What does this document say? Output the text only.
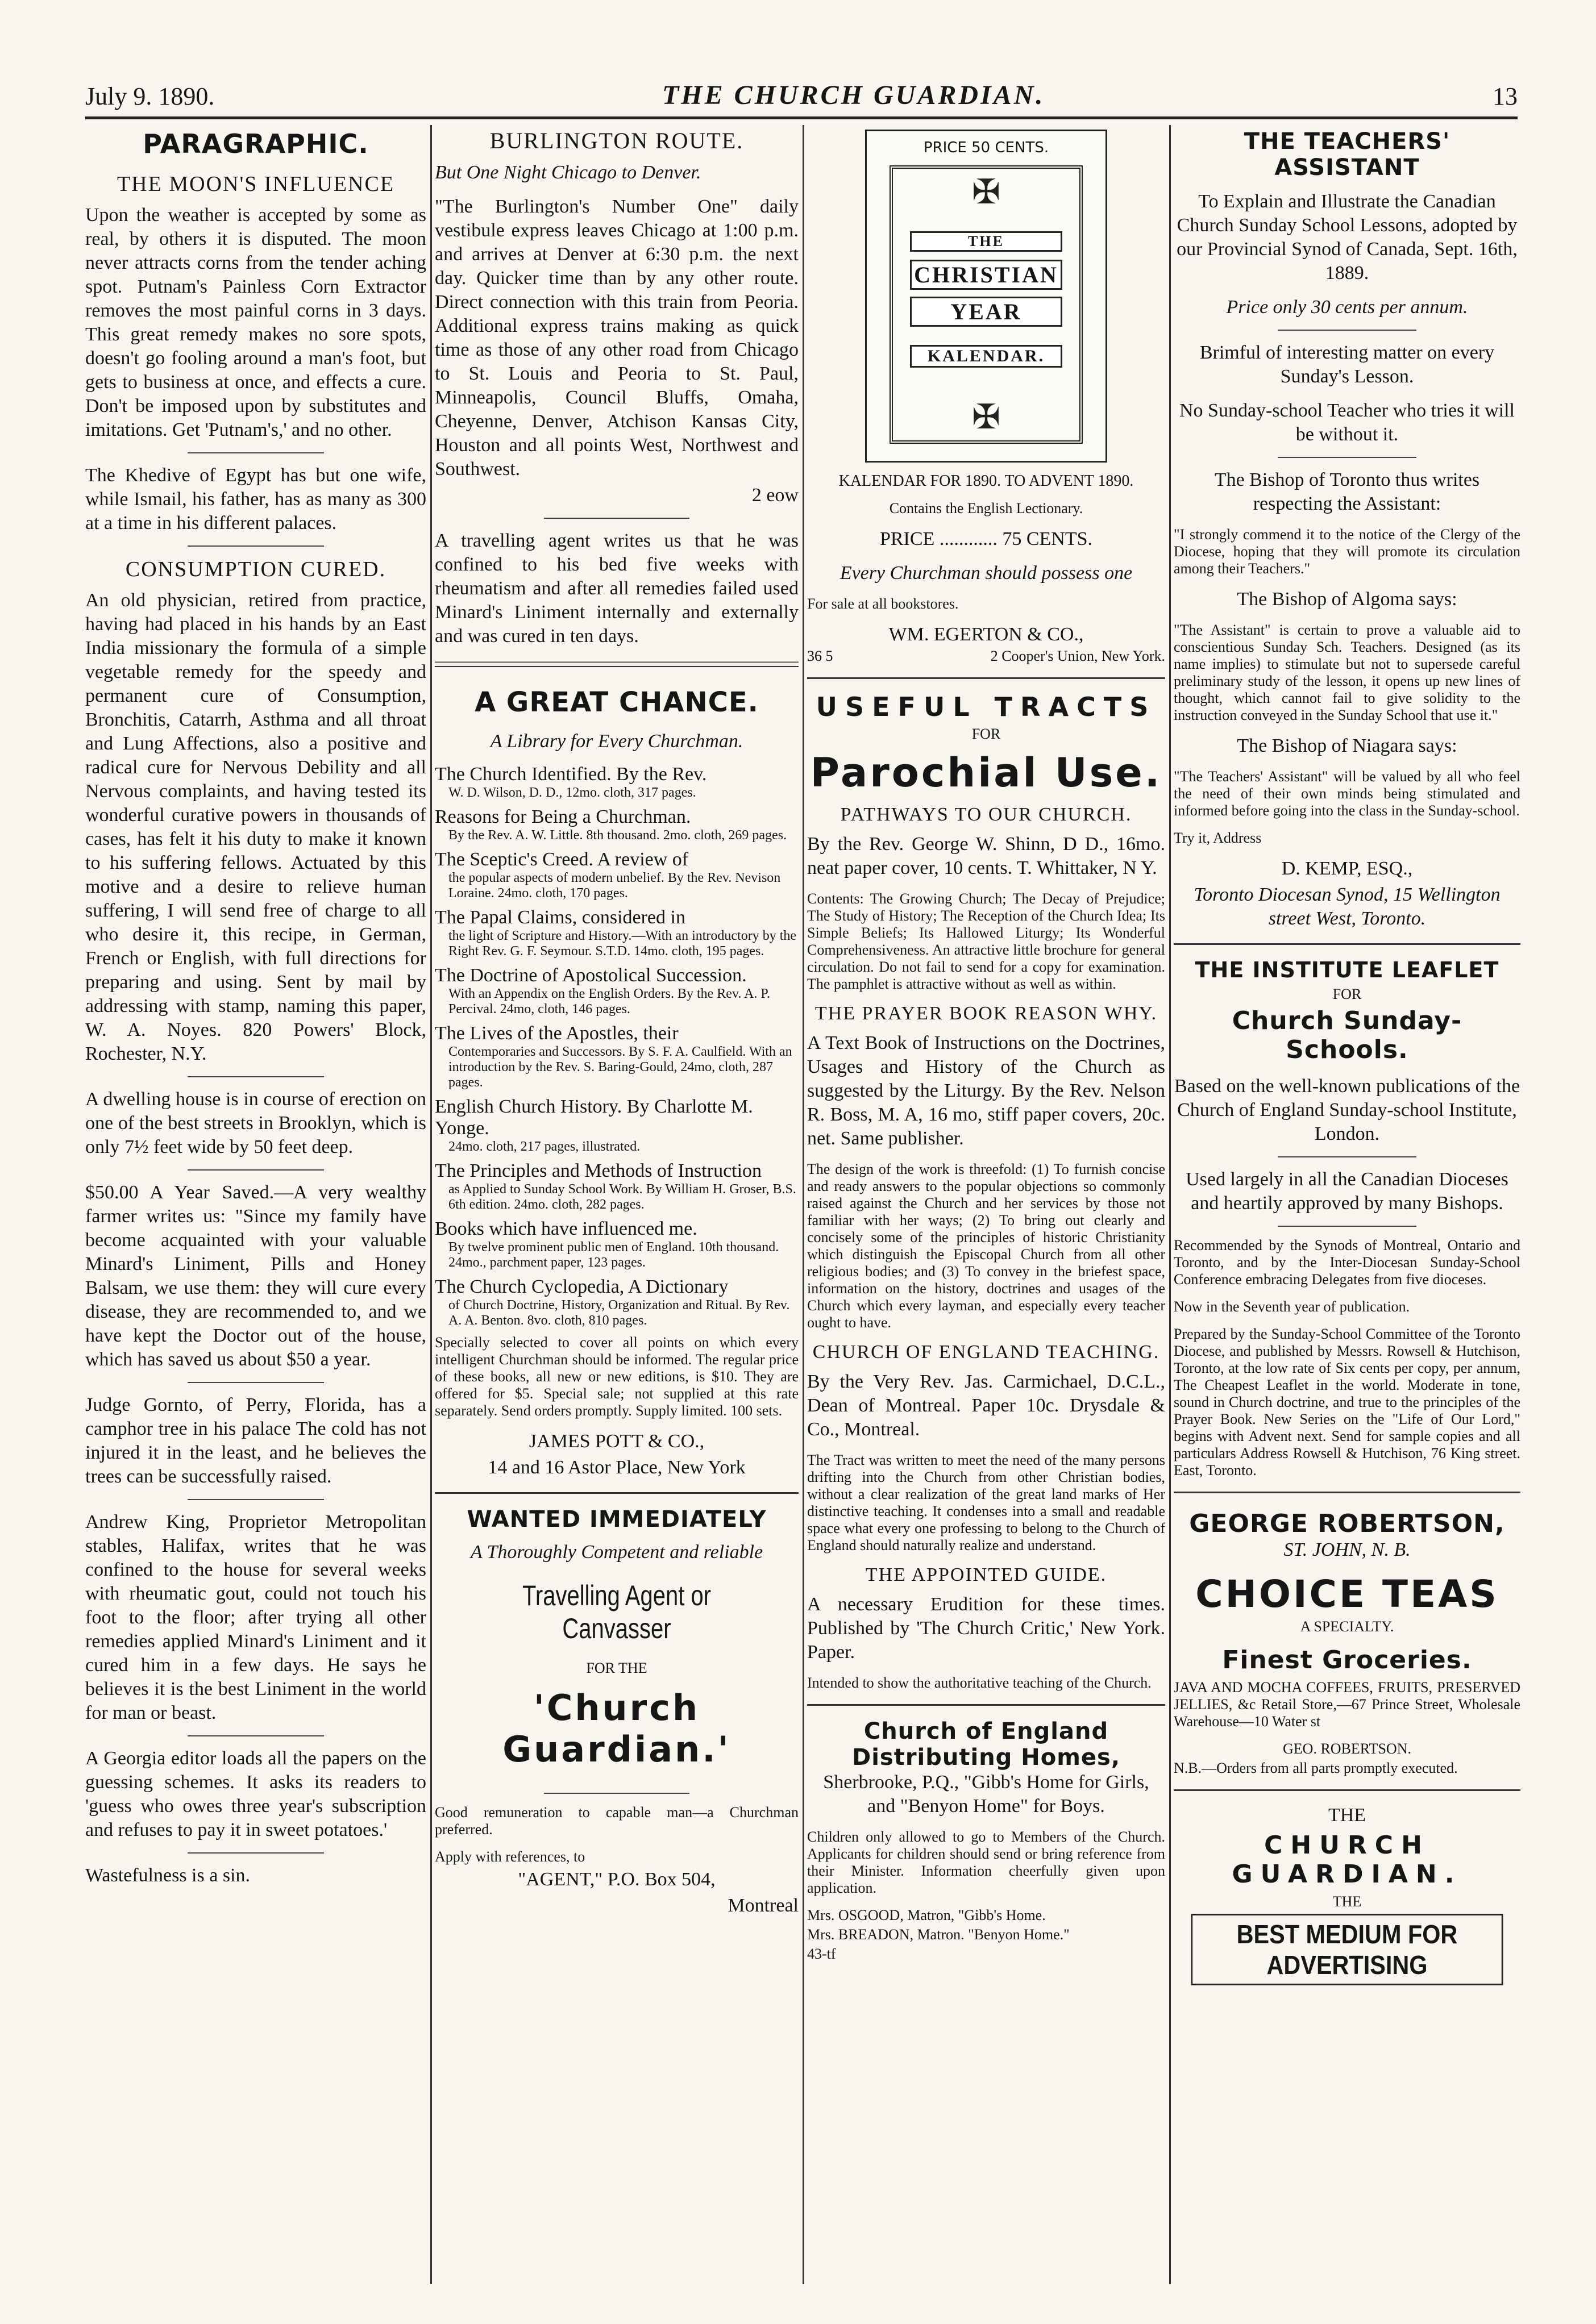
July 9. 1890.	THE CHURCH GUARDIAN.	13
PARAGRAPHIC.
THE MOON'S INFLUENCE

Upon the weather is accepted by some as real, by others it is disputed. The moon never attracts corns from the tender aching spot. Putnam's Painless Corn Extractor removes the most painful corns in 3 days. This great remedy makes no sore spots, doesn't go fooling around a man's foot, but gets to business at once, and effects a cure. Don't be imposed upon by substitutes and imitations. Get 'Putnam's,' and no other.

The Khedive of Egypt has but one wife, while Ismail, his father, has as many as 300 at a time in his different palaces.

CONSUMPTION CURED.

An old physician, retired from practice, having had placed in his hands by an East India missionary the formula of a simple vegetable remedy for the speedy and permanent cure of Consumption, Bronchitis, Catarrh, Asthma and all throat and Lung Affections, also a positive and radical cure for Nervous Debility and all Nervous complaints, and having tested its wonderful curative powers in thousands of cases, has felt it his duty to make it known to his suffering fellows. Actuated by this motive and a desire to relieve human suffering, I will send free of charge to all who desire it, this recipe, in German, French or English, with full directions for preparing and using. Sent by mail by addressing with stamp, naming this paper, W. A. Noyes. 820 Powers' Block, Rochester, N.Y.

A dwelling house is in course of erection on one of the best streets in Brooklyn, which is only 7½ feet wide by 50 feet deep.

$50.00 A Year Saved.—A very wealthy farmer writes us: "Since my family have become acquainted with your valuable Minard's Liniment, Pills and Honey Balsam, we use them: they will cure every disease, they are recommended to, and we have kept the Doctor out of the house, which has saved us about $50 a year.

Judge Gornto, of Perry, Florida, has a camphor tree in his palace The cold has not injured it in the least, and he believes the trees can be successfully raised.

Andrew King, Proprietor Metropolitan stables, Halifax, writes that he was confined to the house for several weeks with rheumatic gout, could not touch his foot to the floor; after trying all other remedies applied Minard's Liniment and it cured him in a few days. He says he believes it is the best Liniment in the world for man or beast.

A Georgia editor loads all the papers on the guessing schemes. It asks its readers to 'guess who owes three year's subscription and refuses to pay it in sweet potatoes.'

Wastefulness is a sin.

BURLINGTON ROUTE.

But One Night Chicago to Denver.

"The Burlington's Number One" daily vestibule express leaves Chicago at 1:00 p.m. and arrives at Denver at 6:30 p.m. the next day. Quicker time than by any other route. Direct connection with this train from Peoria. Additional express trains making as quick time as those of any other road from Chicago to St. Louis and Peoria to St. Paul, Minneapolis, Council Bluffs, Omaha, Cheyenne, Denver, Atchison Kansas City, Houston and all points West, Northwest and Southwest.

2 eow

A travelling agent writes us that he was confined to his bed five weeks with rheumatism and after all remedies failed used Minard's Liniment internally and externally and was cured in ten days.

A GREAT CHANCE.

A Library for Every Churchman.

The Church Identified. By the Rev.
W. D. Wilson, D. D., 12mo. cloth, 317 pages.
Reasons for Being a Churchman.
By the Rev. A. W. Little. 8th thousand. 2mo. cloth, 269 pages.
The Sceptic's Creed. A review of
the popular aspects of modern unbelief. By the Rev. Nevison Loraine. 24mo. cloth, 170 pages.
The Papal Claims, considered in
the light of Scripture and History.—With an introductory by the Right Rev. G. F. Seymour. S.T.D. 14mo. cloth, 195 pages.
The Doctrine of Apostolical Succession.
With an Appendix on the English Orders. By the Rev. A. P. Percival. 24mo, cloth, 146 pages.
The Lives of the Apostles, their
Contemporaries and Successors. By S. F. A. Caulfield. With an introduction by the Rev. S. Baring-Gould, 24mo, cloth, 287 pages.
English Church History. By Charlotte M. Yonge.
24mo. cloth, 217 pages, illustrated.
The Principles and Methods of Instruction
as Applied to Sunday School Work. By William H. Groser, B.S. 6th edition. 24mo. cloth, 282 pages.
Books which have influenced me.
By twelve prominent public men of England. 10th thousand. 24mo., parchment paper, 123 pages.
The Church Cyclopedia, A Dictionary
of Church Doctrine, History, Organization and Ritual. By Rev. A. A. Benton. 8vo. cloth, 810 pages.

Specially selected to cover all points on which every intelligent Churchman should be informed. The regular price of these books, all new or new editions, is $10. They are offered for $5. Special sale; not supplied at this rate separately. Send orders promptly. Supply limited. 100 sets.

JAMES POTT & CO.,

14 and 16 Astor Place, New York

WANTED IMMEDIATELY

A Thoroughly Competent and reliable

Travelling Agent or Canvasser

FOR THE

'Church Guardian.'

Good remuneration to capable man—a Churchman preferred.

Apply with references, to

"AGENT," P.O. Box 504,

Montreal

PRICE 50 CENTS.
✠
THE
CHRISTIAN
YEAR
KALENDAR.
✠

KALENDAR FOR 1890. TO ADVENT 1890.

Contains the English Lectionary.

PRICE ............ 75 CENTS.

Every Churchman should possess one

For sale at all bookstores.

WM. EGERTON & CO.,

36 5	2 Cooper's Union, New York.
USEFUL TRACTS

FOR

Parochial Use.
PATHWAYS TO OUR CHURCH.

By the Rev. George W. Shinn, D D., 16mo. neat paper cover, 10 cents. T. Whittaker, N Y.

Contents: The Growing Church; The Decay of Prejudice; The Study of History; The Reception of the Church Idea; Its Simple Beliefs; Its Hallowed Liturgy; Its Wonderful Comprehensiveness. An attractive little brochure for general circulation. Do not fail to send for a copy for examination. The pamphlet is attractive without as well as within.

THE PRAYER BOOK REASON WHY.

A Text Book of Instructions on the Doctrines, Usages and History of the Church as suggested by the Liturgy. By the Rev. Nelson R. Boss, M. A, 16 mo, stiff paper covers, 20c. net. Same publisher.

The design of the work is threefold: (1) To furnish concise and ready answers to the popular objections so commonly raised against the Church and her services by those not familiar with her ways; (2) To bring out clearly and concisely some of the principles of historic Christianity which distinguish the Episcopal Church from all other religious bodies; and (3) To convey in the briefest space, information on the history, doctrines and usages of the Church which every layman, and especially every teacher ought to have.

CHURCH OF ENGLAND TEACHING.

By the Very Rev. Jas. Carmichael, D.C.L., Dean of Montreal. Paper 10c. Drysdale & Co., Montreal.

The Tract was written to meet the need of the many persons drifting into the Church from other Christian bodies, without a clear realization of the great land marks of Her distinctive teaching. It condenses into a small and readable space what every one professing to belong to the Church of England should naturally realize and understand.

THE APPOINTED GUIDE.

A necessary Erudition for these times. Published by 'The Church Critic,' New York. Paper.

Intended to show the authoritative teaching of the Church.

Church of England Distributing Homes,

Sherbrooke, P.Q., "Gibb's Home for Girls, and "Benyon Home" for Boys.

Children only allowed to go to Members of the Church. Applicants for children should send or bring reference from their Minister. Information cheerfully given upon application.

Mrs. OSGOOD, Matron, "Gibb's Home.

Mrs. BREADON, Matron. "Benyon Home."

43-tf

THE TEACHERS' ASSISTANT

To Explain and Illustrate the Canadian Church Sunday School Lessons, adopted by our Provincial Synod of Canada, Sept. 16th, 1889.

Price only 30 cents per annum.

Brimful of interesting matter on every Sunday's Lesson.

No Sunday-school Teacher who tries it will be without it.

The Bishop of Toronto thus writes respecting the Assistant:

"I strongly commend it to the notice of the Clergy of the Diocese, hoping that they will promote its circulation among their Teachers."

The Bishop of Algoma says:

"The Assistant" is certain to prove a valuable aid to conscientious Sunday Sch. Teachers. Designed (as its name implies) to stimulate but not to supersede careful preliminary study of the lesson, it opens up new lines of thought, which cannot fail to give solidity to the instruction conveyed in the Sunday School that use it."

The Bishop of Niagara says:

"The Teachers' Assistant" will be valued by all who feel the need of their own minds being stimulated and informed before going into the class in the Sunday-school.

Try it, Address

D. KEMP, ESQ.,

Toronto Diocesan Synod, 15 Wellington street West, Toronto.

THE INSTITUTE LEAFLET

FOR

Church Sunday-Schools.

Based on the well-known publications of the Church of England Sunday-school Institute, London.

Used largely in all the Canadian Dioceses and heartily approved by many Bishops.

Recommended by the Synods of Montreal, Ontario and Toronto, and by the Inter-Diocesan Sunday-School Conference embracing Delegates from five dioceses.

Now in the Seventh year of publication.

Prepared by the Sunday-School Committee of the Toronto Diocese, and published by Messrs. Rowsell & Hutchison, Toronto, at the low rate of Six cents per copy, per annum, The Cheapest Leaflet in the world. Moderate in tone, sound in Church doctrine, and true to the principles of the Prayer Book. New Series on the "Life of Our Lord," begins with Advent next. Send for sample copies and all particulars Address Rowsell & Hutchison, 76 King street. East, Toronto.

GEORGE ROBERTSON,

ST. JOHN, N. B.

CHOICE TEAS

A SPECIALTY.

Finest Groceries.

JAVA AND MOCHA COFFEES, FRUITS, PRESERVED JELLIES, &c Retail Store,—67 Prince Street, Wholesale Warehouse—10 Water st

GEO. ROBERTSON.

N.B.—Orders from all parts promptly executed.

THE

CHURCH GUARDIAN.

THE

BEST MEDIUM FOR ADVERTISING
